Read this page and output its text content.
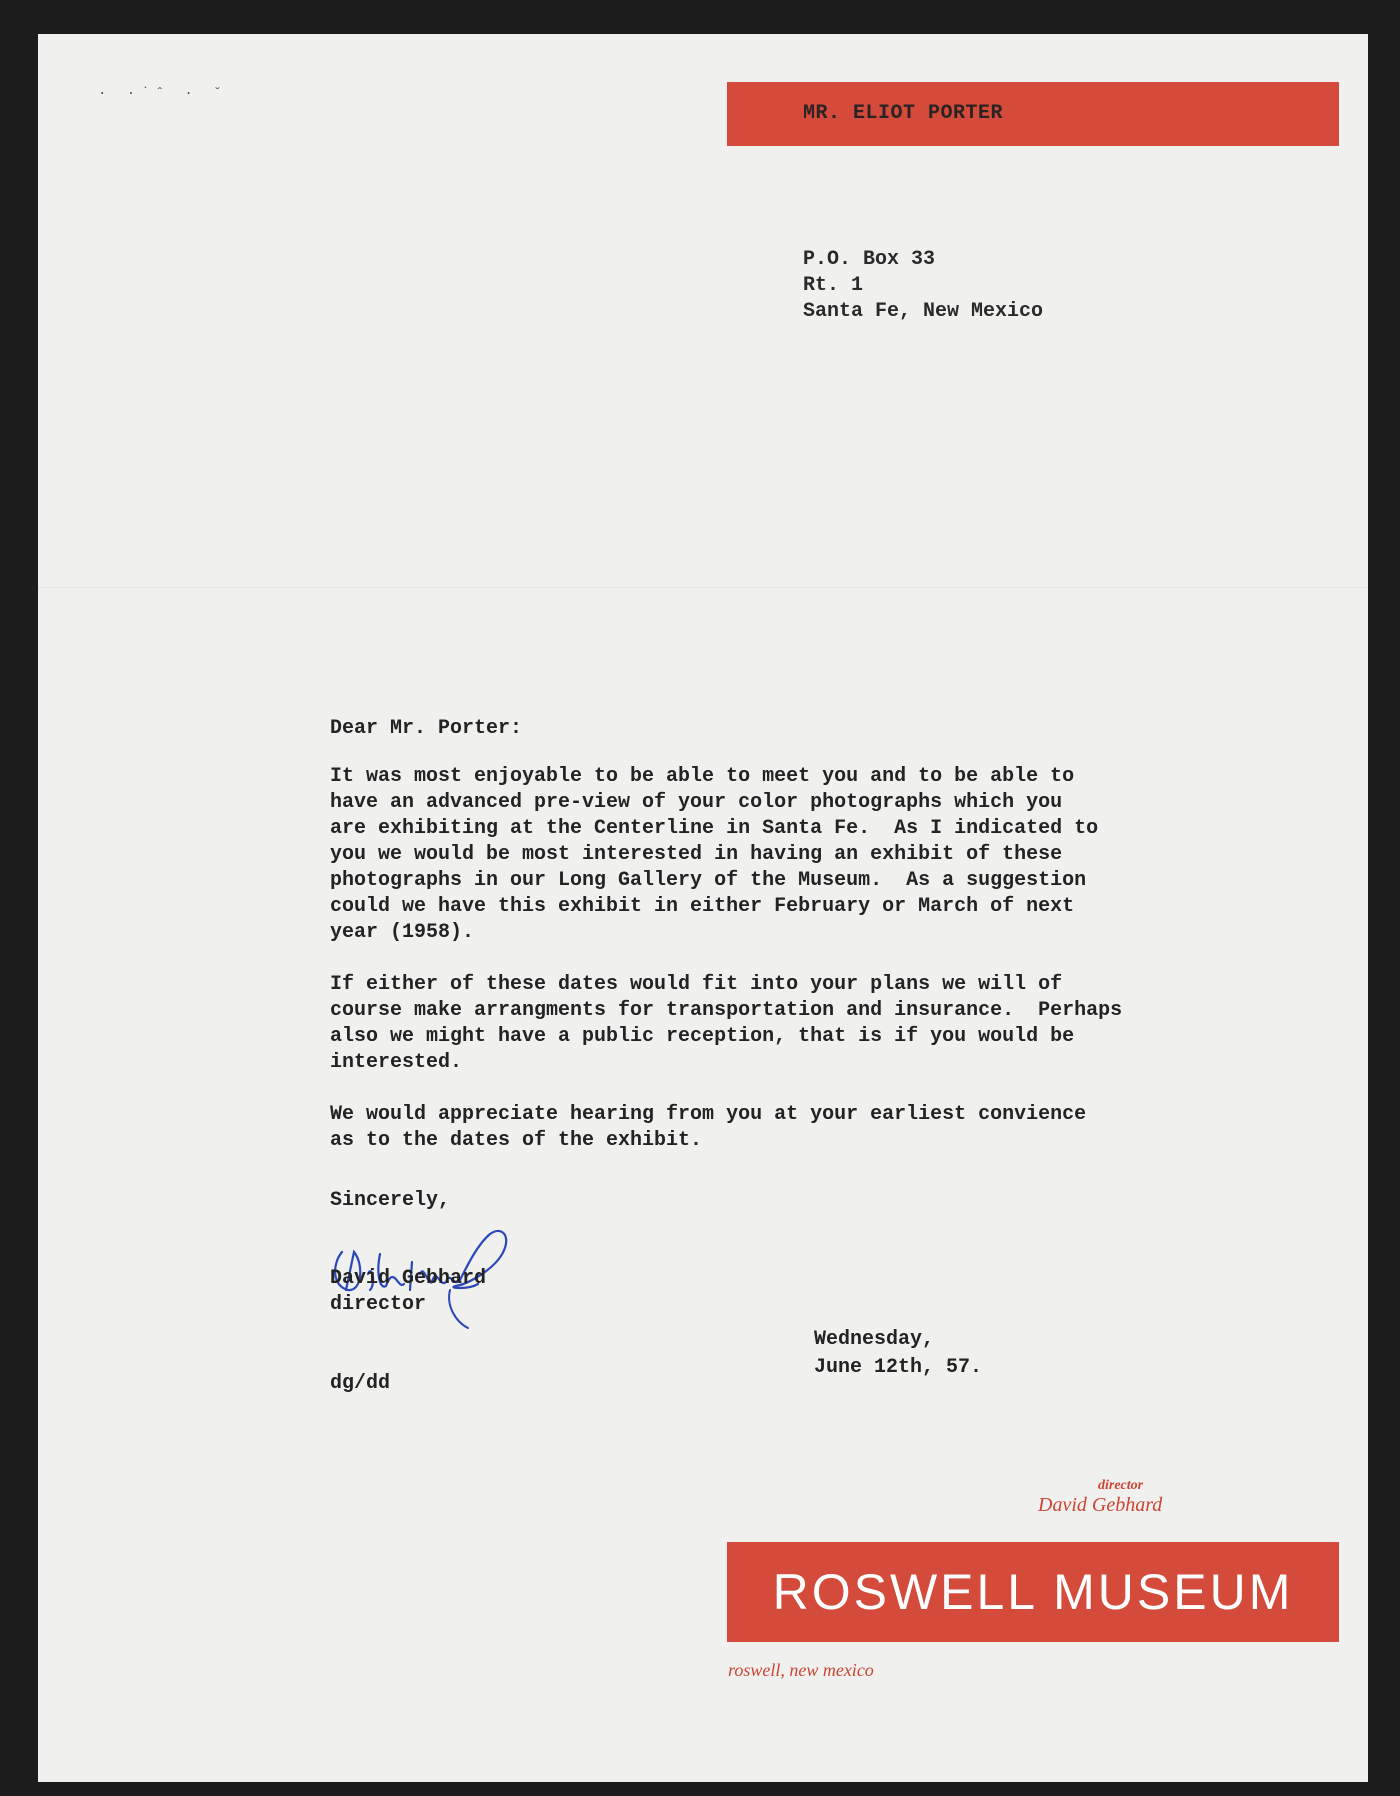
· ·˙ˆ · ˇ
MR. ELIOT PORTER
P.O. Box 33
Rt. 1
Santa Fe, New Mexico

Dear Mr. Porter:

It was most enjoyable to be able to meet you and to be able to
have an advanced pre-view of your color photographs which you
are exhibiting at the Centerline in Santa Fe.  As I indicated to
you we would be most interested in having an exhibit of these
photographs in our Long Gallery of the Museum.  As a suggestion
could we have this exhibit in either February or March of next
year (1958).

If either of these dates would fit into your plans we will of
course make arrangments for transportation and insurance.  Perhaps
also we might have a public reception, that is if you would be
interested.

We would appreciate hearing from you at your earliest convience
as to the dates of the exhibit.

Sincerely,
David Gebhard
director
Wednesday,
June 12th, 57.
dg/dd
director
David Gebhard
ROSWELL MUSEUM
roswell, new mexico
